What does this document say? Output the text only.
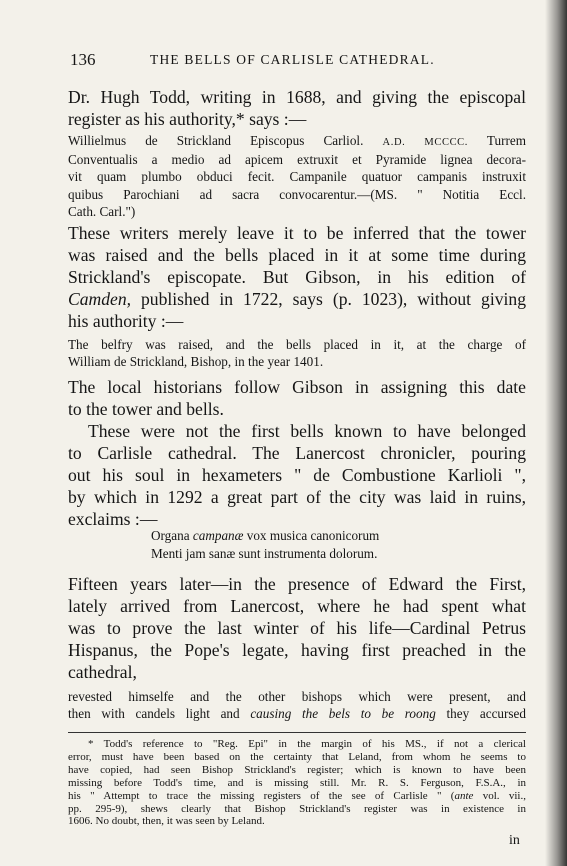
136	THE BELLS OF CARLISLE CATHEDRAL.
Dr. Hugh Todd, writing in 1688, and giving the episcopal
register as his authority,* says :—
Willielmus de Strickland Episcopus Carliol. A.D. MCCCC. Turrem
Conventualis a medio ad apicem extruxit et Pyramide lignea decora-
vit quam plumbo obduci fecit. Campanile quatuor campanis instruxit
quibus Parochiani ad sacra convocarentur.—(MS. " Notitia Eccl.
Cath. Carl.")
These writers merely leave it to be inferred that the tower
was raised and the bells placed in it at some time during
Strickland's episcopate. But Gibson, in his edition of
Camden, published in 1722, says (p. 1023), without giving
his authority :—
The belfry was raised, and the bells placed in it, at the charge of
William de Strickland, Bishop, in the year 1401.
The local historians follow Gibson in assigning this date
to the tower and bells.
These were not the first bells known to have belonged
to Carlisle cathedral. The Lanercost chronicler, pouring
out his soul in hexameters " de Combustione Karlioli ",
by which in 1292 a great part of the city was laid in ruins,
exclaims :—
Organa campanæ vox musica canonicorum
Menti jam sanæ sunt instrumenta dolorum.
Fifteen years later—in the presence of Edward the First,
lately arrived from Lanercost, where he had spent what
was to prove the last winter of his life—Cardinal Petrus
Hispanus, the Pope's legate, having first preached in the
cathedral,
revested himselfe and the other bishops which were present, and
then with candels light and causing the bels to be roong they accursed
* Todd's reference to "Reg. Epi" in the margin of his MS., if not a clerical
error, must have been based on the certainty that Leland, from whom he seems to
have copied, had seen Bishop Strickland's register; which is known to have been
missing before Todd's time, and is missing still. Mr. R. S. Ferguson, F.S.A., in
his " Attempt to trace the missing registers of the see of Carlisle " (ante vol. vii.,
pp. 295-9), shews clearly that Bishop Strickland's register was in existence in
1606. No doubt, then, it was seen by Leland.
in
